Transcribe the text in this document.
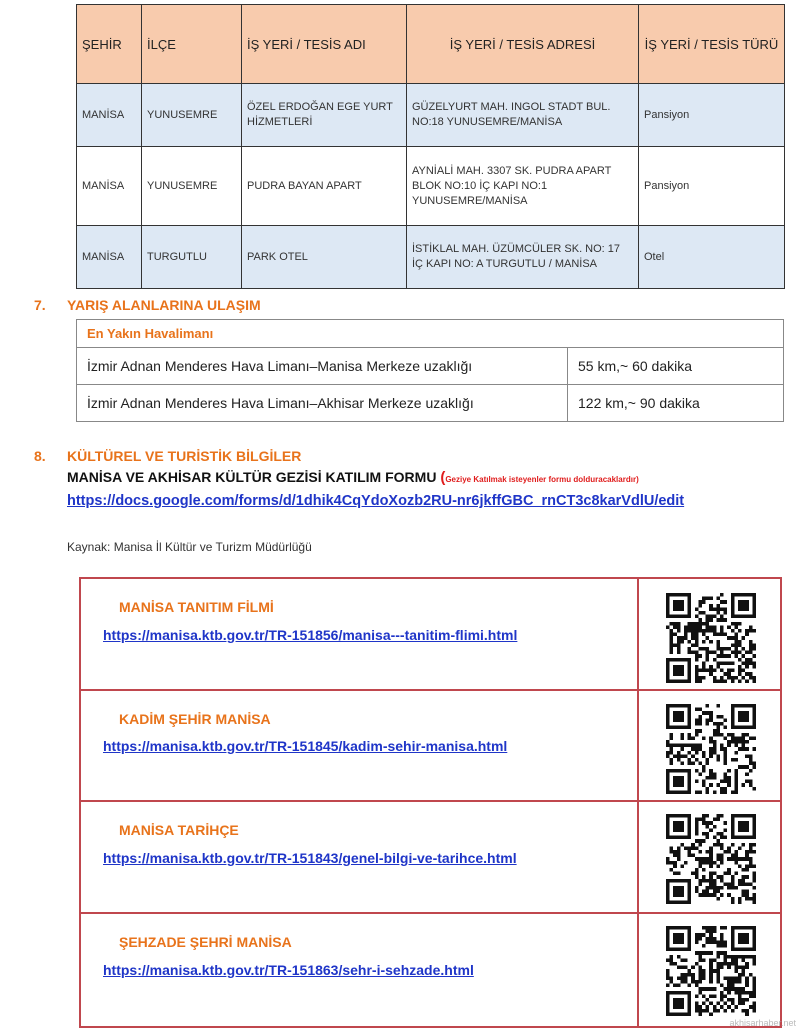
ŞEHİR	İLÇE	İŞ YERİ / TESİS ADI	İŞ YERİ / TESİS ADRESİ	İŞ YERİ / TESİS TÜRÜ
MANİSA	YUNUSEMRE	ÖZEL ERDOĞAN EGE YURT HİZMETLERİ	GÜZELYURT MAH. INGOL STADT BUL. NO:18 YUNUSEMRE/MANİSA	Pansiyon
MANİSA	YUNUSEMRE	PUDRA BAYAN APART	AYNİALİ MAH. 3307 SK. PUDRA APART BLOK NO:10 İÇ KAPI NO:1 YUNUSEMRE/MANİSA	Pansiyon
MANİSA	TURGUTLU	PARK OTEL	İSTİKLAL MAH. ÜZÜMCÜLER SK. NO: 17 İÇ KAPI NO: A TURGUTLU / MANİSA	Otel
7. YARIŞ ALANLARINA ULAŞIM
En Yakın Havalimanı	
İzmir Adnan Menderes Hava Limanı–Manisa Merkeze uzaklığı	55 km,~ 60 dakika
İzmir Adnan Menderes Hava Limanı–Akhisar Merkeze uzaklığı	122 km,~ 90 dakika
8. KÜLTÜREL VE TURİSTİK BİLGİLER
MANİSA VE AKHİSAR KÜLTÜR GEZİSİ KATILIM FORMU (Geziye Katılmak isteyenler formu dolduracaklardır)
https://docs.google.com/forms/d/1dhik4CqYdoXozb2RU-nr6jkffGBC_rnCT3c8karVdlU/edit
Kaynak: Manisa İl Kültür ve Turizm Müdürlüğü
MANİSA TANITIM FİLMİ
https://manisa.ktb.gov.tr/TR-151856/manisa---tanitim-flimi.html
KADİM ŞEHİR MANİSA
https://manisa.ktb.gov.tr/TR-151845/kadim-sehir-manisa.html
MANİSA TARİHÇE
https://manisa.ktb.gov.tr/TR-151843/genel-bilgi-ve-tarihce.html
ŞEHZADE ŞEHRİ MANİSA
https://manisa.ktb.gov.tr/TR-151863/sehr-i-sehzade.html
akhisarhaber.net
